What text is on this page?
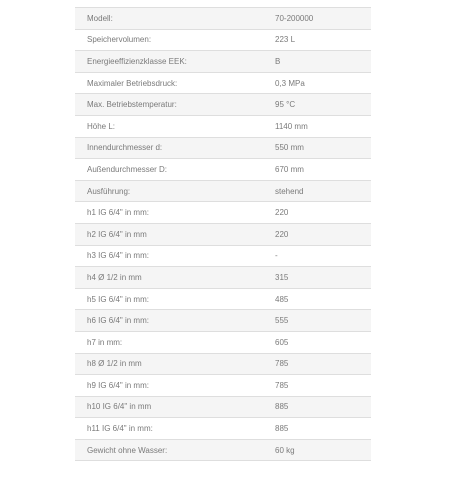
Modell:	70-200000
Speichervolumen:	223 L
Energieeffizienzklasse EEK:	B
Maximaler Betriebsdruck:	0,3 MPa
Max. Betriebstemperatur:	95 °C
Höhe L:	1140 mm
Innendurchmesser d:	550 mm
Außendurchmesser D:	670 mm
Ausführung:	stehend
h1 IG 6/4" in mm:	220
h2 IG 6/4" in mm	220
h3 IG 6/4" in mm:	-
h4 Ø 1/2 in mm	315
h5 IG 6/4" in mm:	485
h6 IG 6/4" in mm:	555
h7 in mm:	605
h8 Ø 1/2 in mm	785
h9 IG 6/4" in mm:	785
h10 IG 6/4" in mm	885
h11 IG 6/4" in mm:	885
Gewicht ohne Wasser:	60 kg
